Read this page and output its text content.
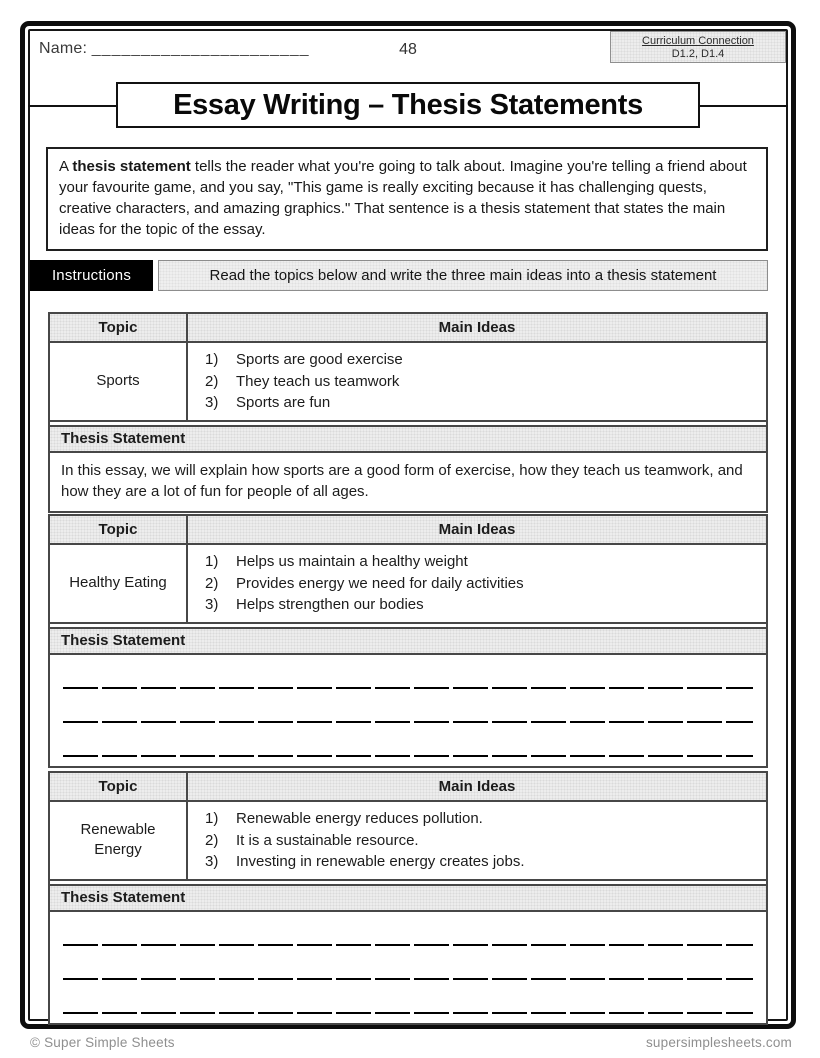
Name: ______________________	48	Curriculum Connection
D1.2, D1.4
Essay Writing – Thesis Statements
A thesis statement tells the reader what you're going to talk about. Imagine you're telling a friend about your favourite game, and you say, "This game is really exciting because it has challenging quests, creative characters, and amazing graphics." That sentence is a thesis statement that states the main ideas for the topic of the essay.
Instructions	Read the topics below and write the three main ideas into a thesis statement
Topic	Main Ideas
Sports
1)	Sports are good exercise
2)	They teach us teamwork
3)	Sports are fun
Thesis Statement
In this essay, we will explain how sports are a good form of exercise, how they teach us teamwork, and how they are a lot of fun for people of all ages.
Topic	Main Ideas
Healthy Eating
1)	Helps us maintain a healthy weight
2)	Provides energy we need for daily activities
3)	Helps strengthen our bodies
Thesis Statement
Topic	Main Ideas
Renewable Energy
1)	Renewable energy reduces pollution.
2)	It is a sustainable resource.
3)	Investing in renewable energy creates jobs.
Thesis Statement
© Super Simple Sheets	supersimplesheets.com
